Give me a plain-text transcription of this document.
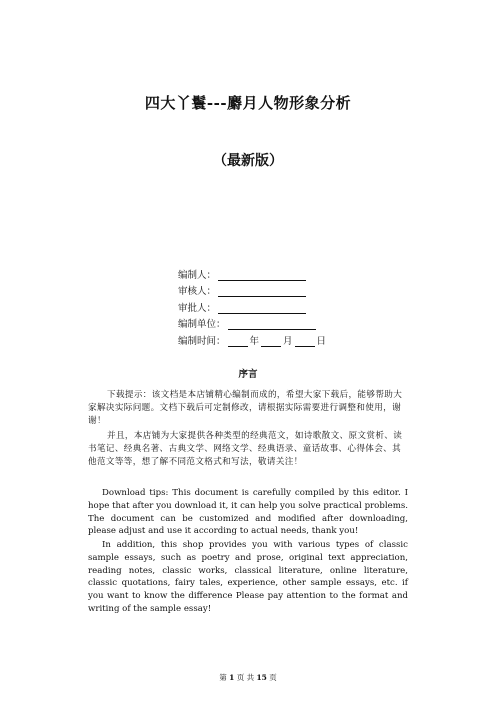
四大丫鬟---麝月人物形象分析
（最新版）
编制人：
审核人：
审批人：
编制单位：
编制时间：	年	月	日
序言

下载提示：该文档是本店铺精心编制而成的，希望大家下载后，能够帮助大家解决实际问题。文档下载后可定制修改，请根据实际需要进行调整和使用，谢谢！

并且，本店铺为大家提供各种类型的经典范文，如诗歌散文、原文赏析、读书笔记、经典名著、古典文学、网络文学、经典语录、童话故事、心得体会、其他范文等等，想了解不同范文格式和写法，敬请关注！

Download tips: This document is carefully compiled by this editor. I hope that after you download it, it can help you solve practical problems. The document can be customized and modified after downloading, please adjust and use it according to actual needs, thank you!

In addition, this shop provides you with various types of classic sample essays, such as poetry and prose, original text appreciation, reading notes, classic works, classical literature, online literature, classic quotations, fairy tales, experience, other sample essays, etc. if you want to know the difference Please pay attention to the format and writing of the sample essay!

第 1 页 共 15 页
